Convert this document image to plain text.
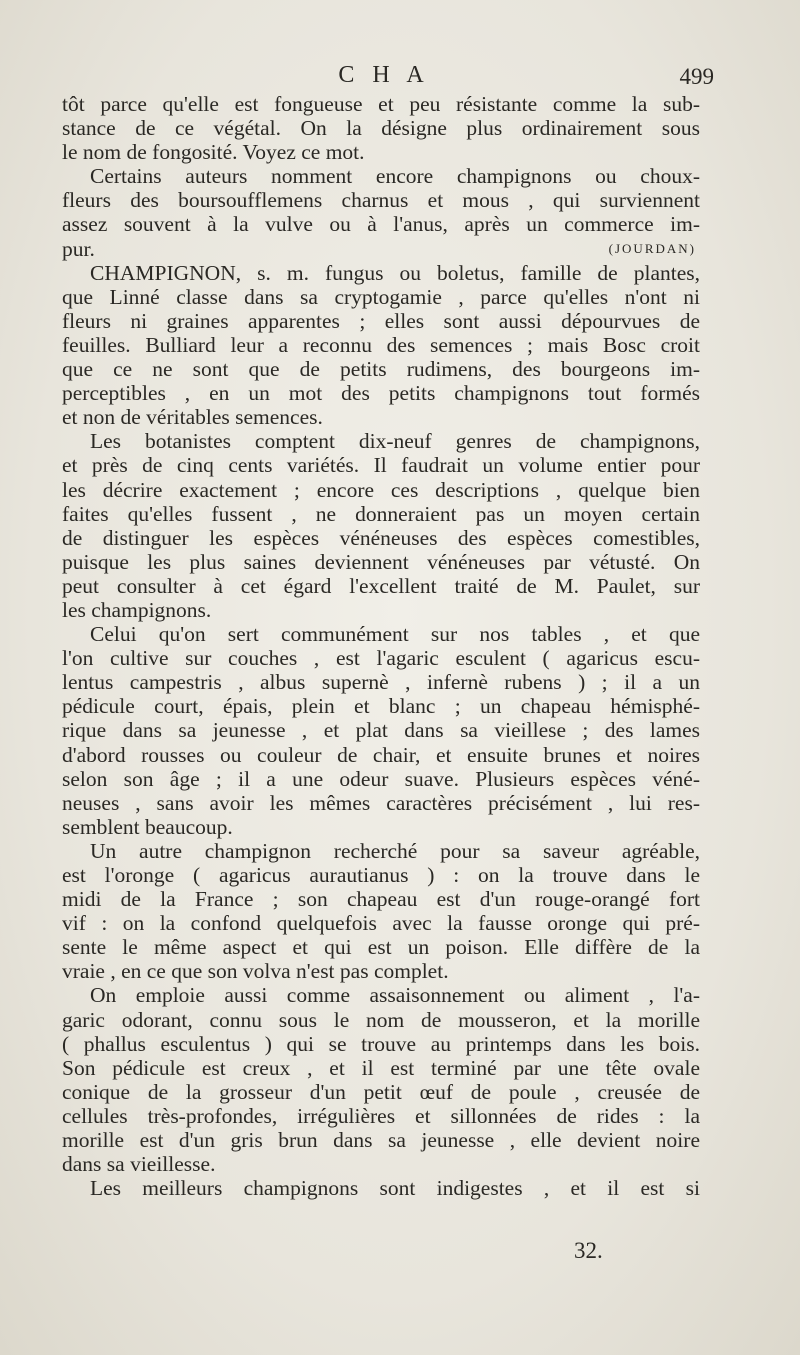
C H A	499
tôt parce qu'elle est fongueuse et peu résistante comme la sub-
stance de ce végétal. On la désigne plus ordinairement sous
le nom de fongosité. Voyez ce mot.
Certains auteurs nomment encore champignons ou choux-
fleurs des boursoufflemens charnus et mous , qui surviennent
assez souvent à la vulve ou à l'anus, après un commerce im-
pur.	(JOURDAN)
CHAMPIGNON, s. m. fungus ou boletus, famille de plantes,
que Linné classe dans sa cryptogamie , parce qu'elles n'ont ni
fleurs ni graines apparentes ; elles sont aussi dépourvues de
feuilles. Bulliard leur a reconnu des semences ; mais Bosc croit
que ce ne sont que de petits rudimens, des bourgeons im-
perceptibles , en un mot des petits champignons tout formés
et non de véritables semences.
Les botanistes comptent dix-neuf genres de champignons,
et près de cinq cents variétés. Il faudrait un volume entier pour
les décrire exactement ; encore ces descriptions , quelque bien
faites qu'elles fussent , ne donneraient pas un moyen certain
de distinguer les espèces vénéneuses des espèces comestibles,
puisque les plus saines deviennent vénéneuses par vétusté. On
peut consulter à cet égard l'excellent traité de M. Paulet, sur
les champignons.
Celui qu'on sert communément sur nos tables , et que
l'on cultive sur couches , est l'agaric esculent ( agaricus escu-
lentus campestris , albus supernè , infernè rubens ) ; il a un
pédicule court, épais, plein et blanc ; un chapeau hémisphé-
rique dans sa jeunesse , et plat dans sa vieillese ; des lames
d'abord rousses ou couleur de chair, et ensuite brunes et noires
selon son âge ; il a une odeur suave. Plusieurs espèces véné-
neuses , sans avoir les mêmes caractères précisément , lui res-
semblent beaucoup.
Un autre champignon recherché pour sa saveur agréable,
est l'oronge ( agaricus aurautianus ) : on la trouve dans le
midi de la France ; son chapeau est d'un rouge-orangé fort
vif : on la confond quelquefois avec la fausse oronge qui pré-
sente le même aspect et qui est un poison. Elle diffère de la
vraie , en ce que son volva n'est pas complet.
On emploie aussi comme assaisonnement ou aliment , l'a-
garic odorant, connu sous le nom de mousseron, et la morille
( phallus esculentus ) qui se trouve au printemps dans les bois.
Son pédicule est creux , et il est terminé par une tête ovale
conique de la grosseur d'un petit œuf de poule , creusée de
cellules très-profondes, irrégulières et sillonnées de rides : la
morille est d'un gris brun dans sa jeunesse , elle devient noire
dans sa vieillesse.
Les meilleurs champignons sont indigestes , et il est si
32.
